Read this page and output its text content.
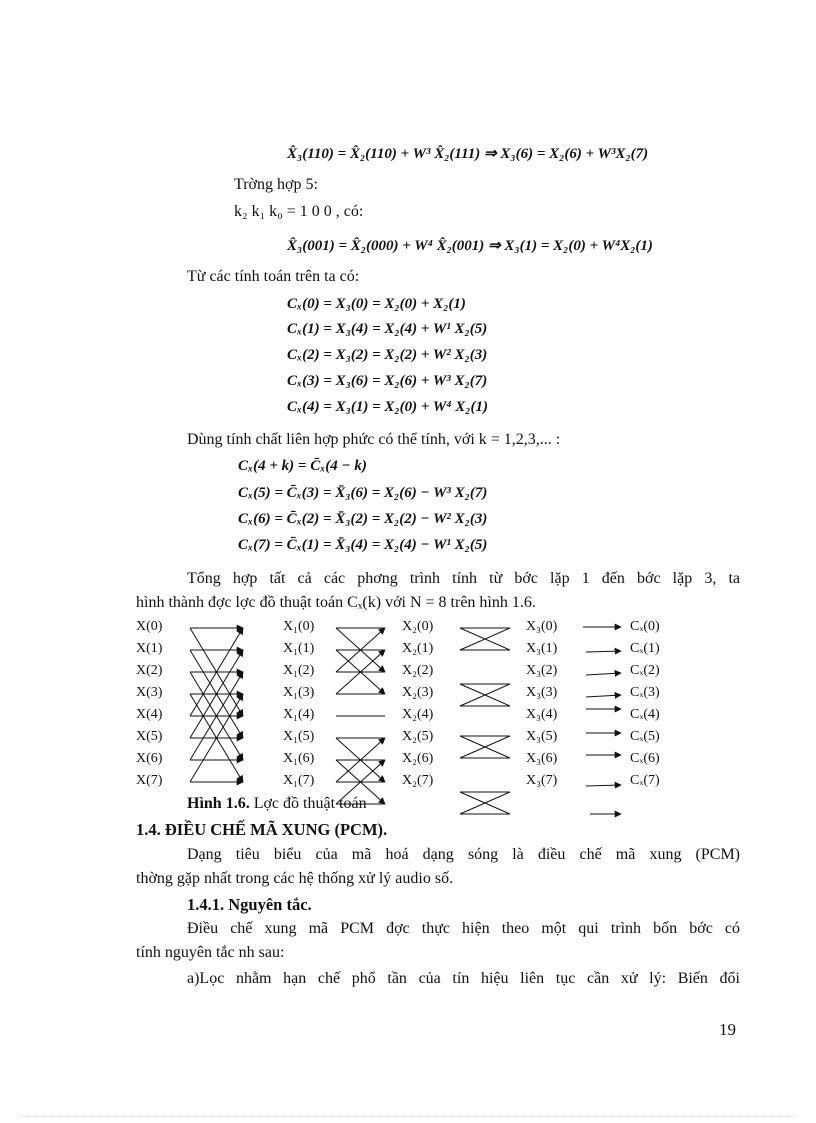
X̂₃(110) = X̂₂(110) + W³ X̂₂(111) ⇒ X₃(6) = X₂(6) + W³X₂(7)
Trờng hợp 5:
k₂ k₁ k₀ = 1 0 0 , có:
X̂₃(001) = X̂₂(000) + W⁴ X̂₂(001) ⇒ X₃(1) = X₂(0) + W⁴X₂(1)
Từ các tính toán trên ta có:
Cₓ(0) = X₃(0) = X₂(0) + X₂(1)
Cₓ(1) = X₃(4) = X₂(4) + W¹ X₂(5)
Cₓ(2) = X₃(2) = X₂(2) + W² X₂(3)
Cₓ(3) = X₃(6) = X₂(6) + W³ X₂(7)
Cₓ(4) = X₃(1) = X₂(0) + W⁴ X₂(1)
Dùng tính chất liên hợp phức có thể tính, với k = 1,2,3,... :
Cₓ(4 + k) = C̄ₓ(4 − k)
Cₓ(5) = C̄ₓ(3) = X̄₃(6) = X₂(6) − W³ X₂(7)
Cₓ(6) = C̄ₓ(2) = X̄₃(2) = X₂(2) − W² X₂(3)
Cₓ(7) = C̄ₓ(1) = X̄₃(4) = X₂(4) − W¹ X₂(5)
Tổng hợp tất cả các phơng trình tính từ bớc lặp 1 đến bớc lặp 3, ta
hình thành đợc lợc đồ thuật toán Cₓ(k) với N = 8 trên hình 1.6.
X(0)
X(1)
X(2)
X(3)
X(4)
X(5)
X(6)
X(7)
X₁(0)
X₁(1)
X₁(2)
X₁(3)
X₁(4)
X₁(5)
X₁(6)
X₁(7)
X₂(0)
X₂(1)
X₂(2)
X₂(3)
X₂(4)
X₂(5)
X₂(6)
X₂(7)
X₃(0)
X₃(1)
X₃(2)
X₃(3)
X₃(4)
X₃(5)
X₃(6)
X₃(7)
Cₓ(0)
Cₓ(1)
Cₓ(2)
Cₓ(3)
Cₓ(4)
Cₓ(5)
Cₓ(6)
Cₓ(7)
Hình 1.6. Lợc đồ thuật toán
1.4. ĐIỀU CHẾ MÃ XUNG (PCM).
Dạng tiêu biểu của mã hoá dạng sóng là điều chế mã xung (PCM)
thờng gặp nhất trong các hệ thống xử lý audio số.
1.4.1. Nguyên tắc.
Điều chế xung mã PCM đợc thực hiện theo một qui trình bốn bớc có
tính nguyên tắc nh sau:
a)Lọc nhằm hạn chế phổ tần của tín hiệu liên tục cần xử lý: Biến đổi
19
